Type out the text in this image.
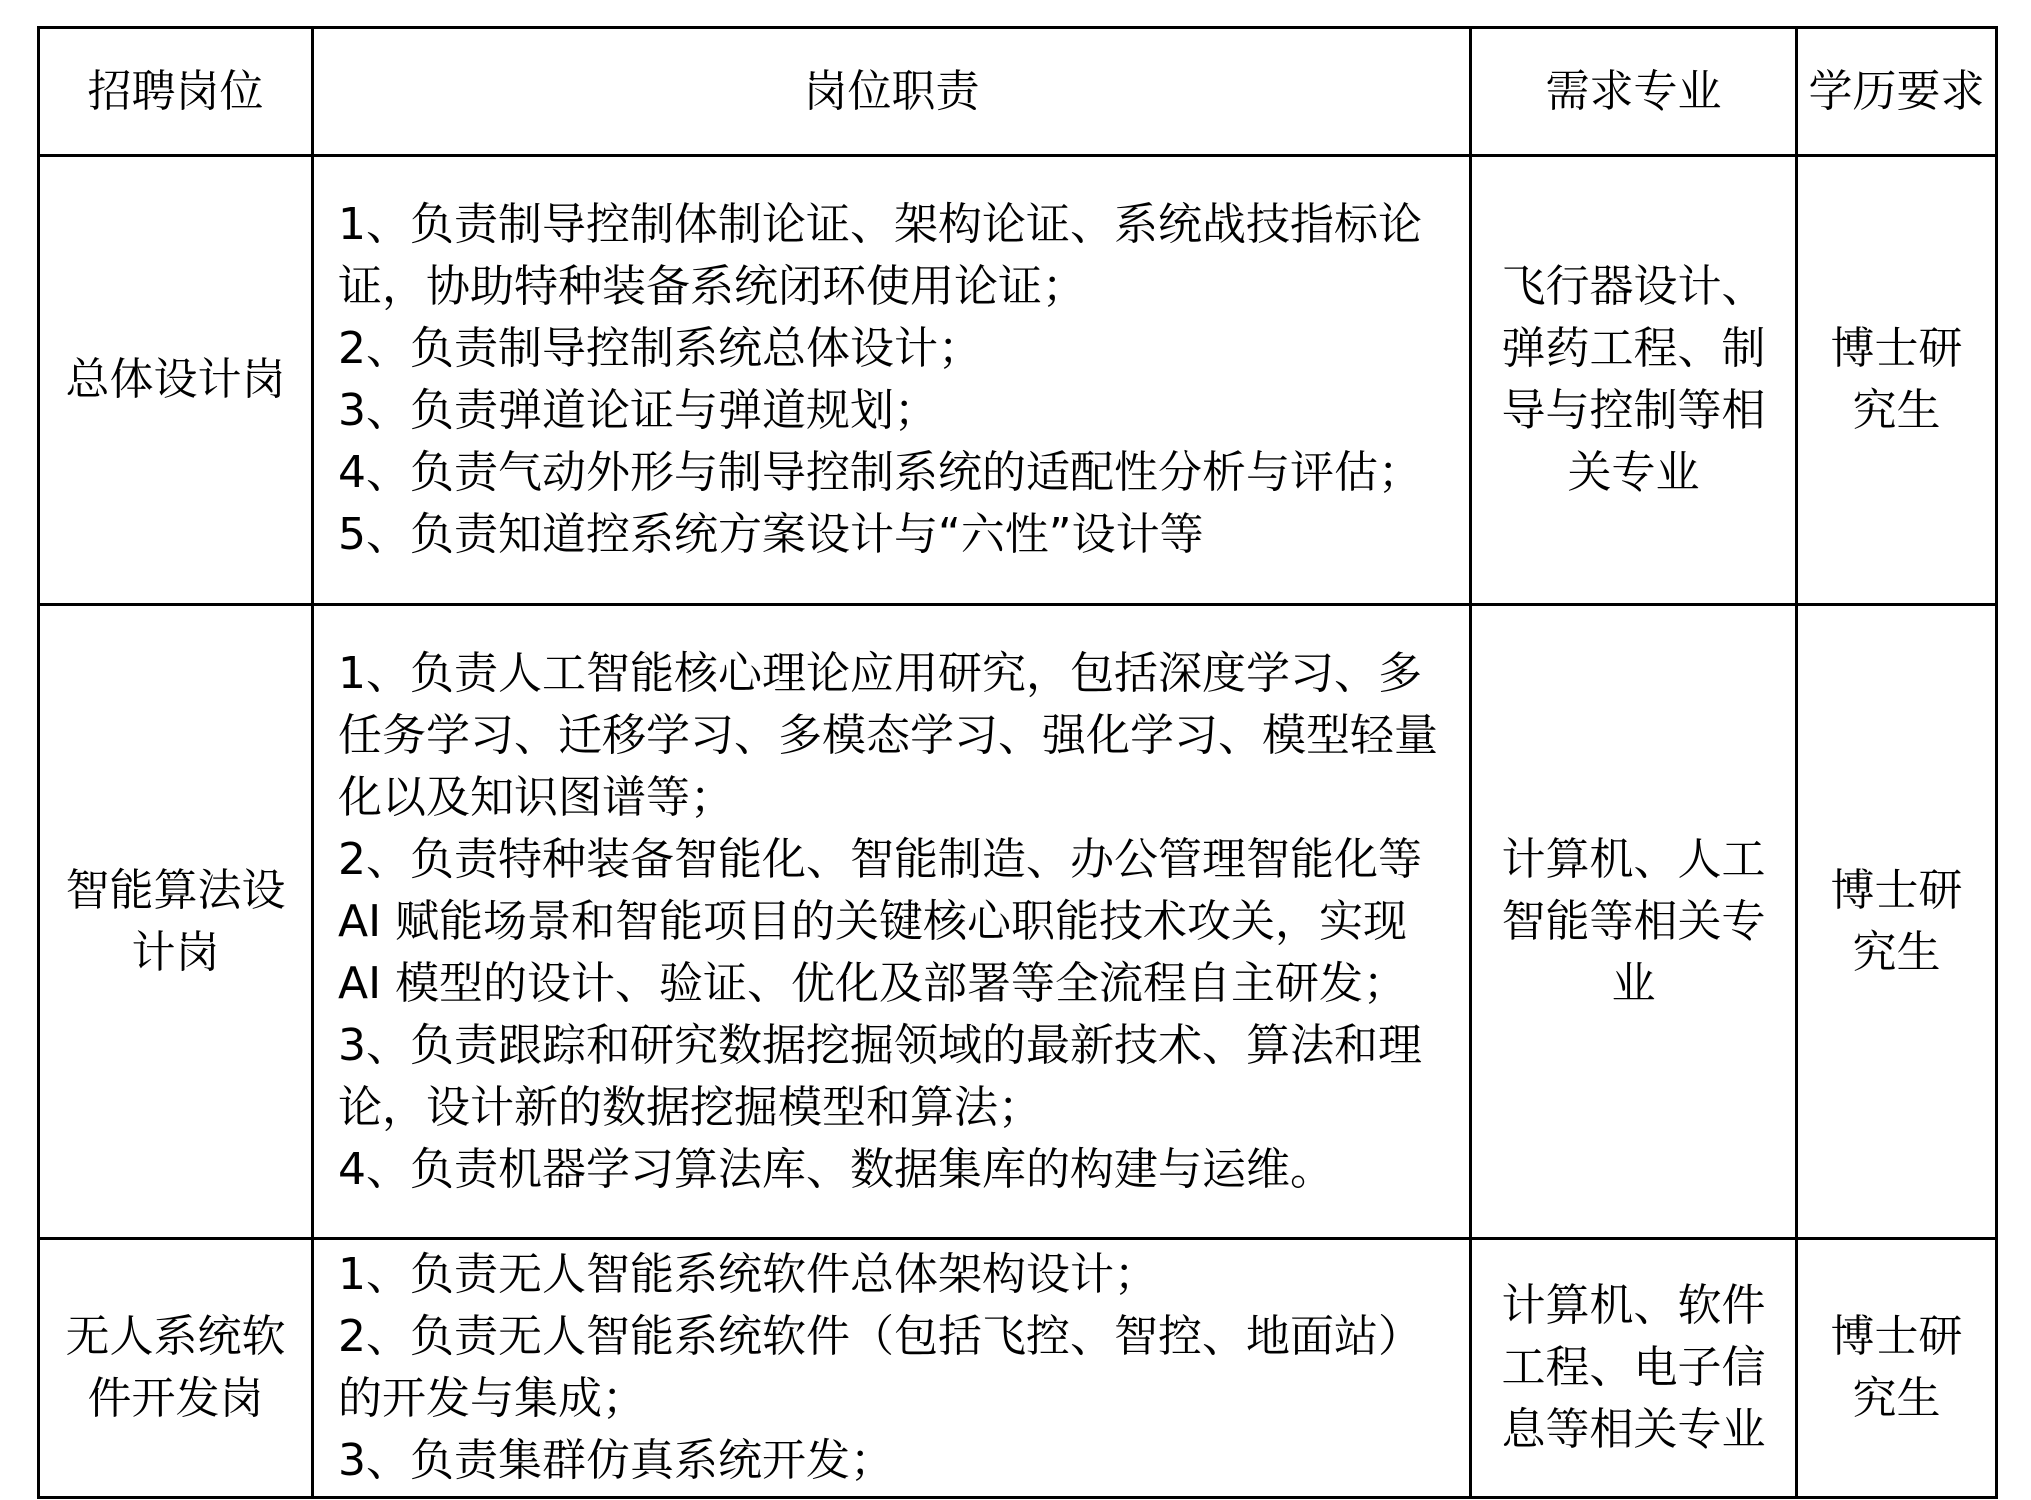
招聘岗位	岗位职责	需求专业	学历要求
总体设计岗	1、负责制导控制体制论证、架构论证、系统战技指标论证，协助特种装备系统闭环使用论证；
2、负责制导控制系统总体设计；
3、负责弹道论证与弹道规划；
4、负责气动外形与制导控制系统的适配性分析与评估；
5、负责知道控系统方案设计与“六性”设计等	飞行器设计、弹药工程、制导与控制等相关专业	博士研究生
智能算法设计岗	1、负责人工智能核心理论应用研究，包括深度学习、多任务学习、迁移学习、多模态学习、强化学习、模型轻量化以及知识图谱等；
2、负责特种装备智能化、智能制造、办公管理智能化等 AI 赋能场景和智能项目的关键核心职能技术攻关，实现 AI 模型的设计、验证、优化及部署等全流程自主研发；
3、负责跟踪和研究数据挖掘领域的最新技术、算法和理论，设计新的数据挖掘模型和算法；
4、负责机器学习算法库、数据集库的构建与运维。	计算机、人工智能等相关专业	博士研究生
无人系统软件开发岗	1、负责无人智能系统软件总体架构设计；
2、负责无人智能系统软件（包括飞控、智控、地面站）的开发与集成；
3、负责集群仿真系统开发；	计算机、软件工程、电子信息等相关专业	博士研究生
